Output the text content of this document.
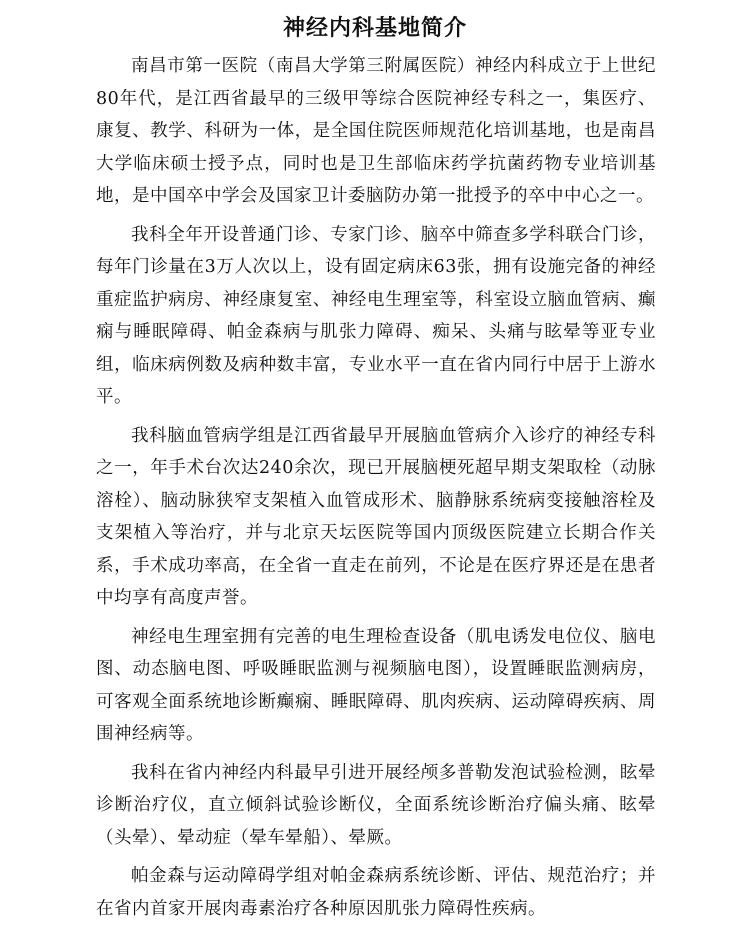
神经内科基地简介

南昌市第一医院（南昌大学第三附属医院）神经内科成立于上世纪80年代，是江西省最早的三级甲等综合医院神经专科之一，集医疗、康复、教学、科研为一体，是全国住院医师规范化培训基地，也是南昌大学临床硕士授予点，同时也是卫生部临床药学抗菌药物专业培训基地，是中国卒中学会及国家卫计委脑防办第一批授予的卒中中心之一。

我科全年开设普通门诊、专家门诊、脑卒中筛查多学科联合门诊，每年门诊量在3万人次以上，设有固定病床63张，拥有设施完备的神经重症监护病房、神经康复室、神经电生理室等，科室设立脑血管病、癫痫与睡眠障碍、帕金森病与肌张力障碍、痴呆、头痛与眩晕等亚专业组，临床病例数及病种数丰富，专业水平一直在省内同行中居于上游水平。

我科脑血管病学组是江西省最早开展脑血管病介入诊疗的神经专科之一，年手术台次达240余次，现已开展脑梗死超早期支架取栓（动脉溶栓）、脑动脉狭窄支架植入血管成形术、脑静脉系统病变接触溶栓及支架植入等治疗，并与北京天坛医院等国内顶级医院建立长期合作关系，手术成功率高，在全省一直走在前列，不论是在医疗界还是在患者中均享有高度声誉。

神经电生理室拥有完善的电生理检查设备（肌电诱发电位仪、脑电图、动态脑电图、呼吸睡眠监测与视频脑电图），设置睡眠监测病房，可客观全面系统地诊断癫痫、睡眠障碍、肌肉疾病、运动障碍疾病、周围神经病等。

我科在省内神经内科最早引进开展经颅多普勒发泡试验检测，眩晕诊断治疗仪，直立倾斜试验诊断仪，全面系统诊断治疗偏头痛、眩晕（头晕）、晕动症（晕车晕船）、晕厥。

帕金森与运动障碍学组对帕金森病系统诊断、评估、规范治疗；并在省内首家开展肉毒素治疗各种原因肌张力障碍性疾病。
